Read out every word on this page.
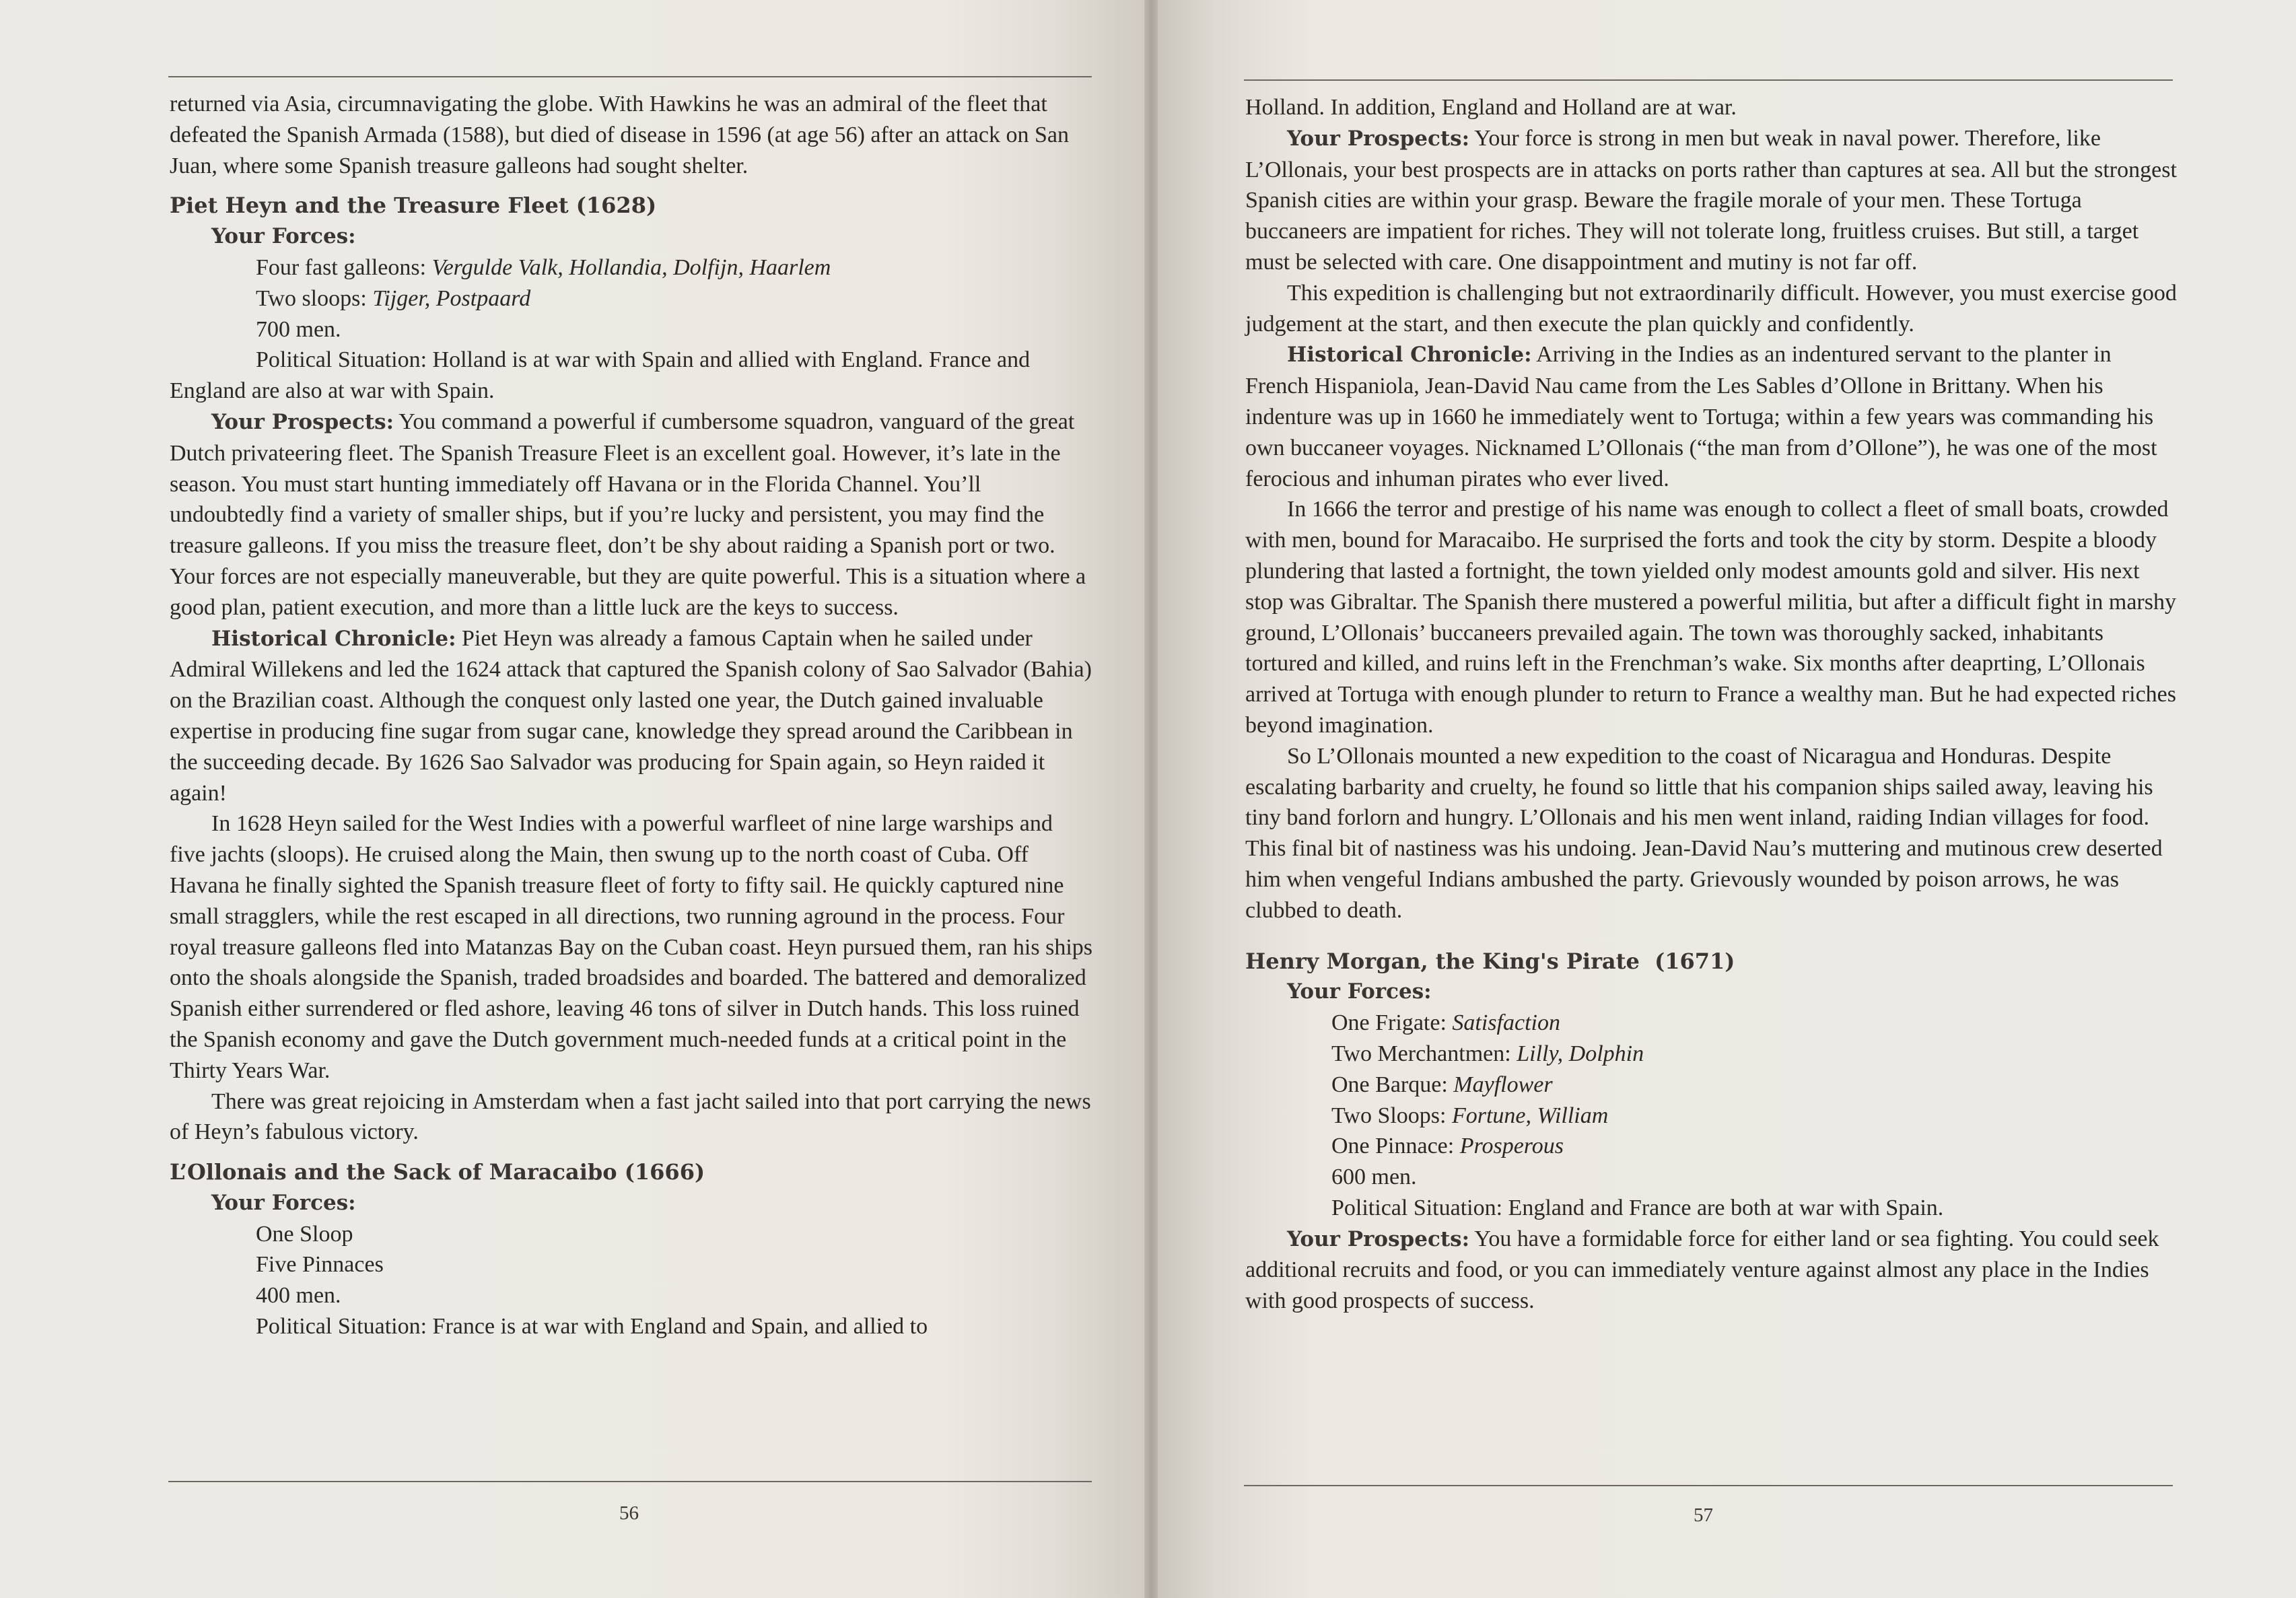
returned via Asia, circumnavigating the globe. With Hawkins he was an admiral of the fleet that defeated the Spanish Armada (1588), but died of disease in 1596 (at age 56) after an attack on San Juan, where some Spanish treasure galleons had sought shelter.

Piet Heyn and the Treasure Fleet (1628)
Your Forces:
Four fast galleons: Vergulde Valk, Hollandia, Dolfijn, Haarlem
Two sloops: Tijger, Postpaard
700 men.

Political Situation: Holland is at war with Spain and allied with England. France and England are also at war with Spain.

Your Prospects: You command a powerful if cumbersome squadron, vanguard of the great Dutch privateering fleet. The Spanish Treasure Fleet is an excellent goal. However, it’s late in the season. You must start hunting immediately off Havana or in the Florida Channel. You’ll undoubtedly find a variety of smaller ships, but if you’re lucky and persistent, you may find the treasure galleons. If you miss the treasure fleet, don’t be shy about raiding a Spanish port or two. Your forces are not especially maneuverable, but they are quite powerful. This is a situation where a good plan, patient execution, and more than a little luck are the keys to success.

Historical Chronicle: Piet Heyn was already a famous Captain when he sailed under Admiral Willekens and led the 1624 attack that captured the Spanish colony of Sao Salvador (Bahia) on the Brazilian coast. Although the conquest only lasted one year, the Dutch gained invaluable expertise in producing fine sugar from sugar cane, knowledge they spread around the Caribbean in the succeeding decade. By 1626 Sao Salvador was producing for Spain again, so Heyn raided it again!

In 1628 Heyn sailed for the West Indies with a powerful warfleet of nine large warships and five jachts (sloops). He cruised along the Main, then swung up to the north coast of Cuba. Off Havana he finally sighted the Spanish treasure fleet of forty to fifty sail. He quickly captured nine small stragglers, while the rest escaped in all directions, two running aground in the process. Four royal treasure galleons fled into Matanzas Bay on the Cuban coast. Heyn pursued them, ran his ships onto the shoals alongside the Spanish, traded broadsides and boarded. The battered and demoralized Spanish either surrendered or fled ashore, leaving 46 tons of silver in Dutch hands. This loss ruined the Spanish economy and gave the Dutch government much-needed funds at a critical point in the Thirty Years War.

There was great rejoicing in Amsterdam when a fast jacht sailed into that port carrying the news of Heyn’s fabulous victory.

L’Ollonais and the Sack of Maracaibo (1666)
Your Forces:
One Sloop
Five Pinnaces
400 men.
Political Situation: France is at war with England and Spain, and allied to
56

Holland. In addition, England and Holland are at war.

Your Prospects: Your force is strong in men but weak in naval power. Therefore, like L’Ollonais, your best prospects are in attacks on ports rather than captures at sea. All but the strongest Spanish cities are within your grasp. Beware the fragile morale of your men. These Tortuga buccaneers are impatient for riches. They will not tolerate long, fruitless cruises. But still, a target must be selected with care. One disappointment and mutiny is not far off.

This expedition is challenging but not extraordinarily difficult. However, you must exercise good judgement at the start, and then execute the plan quickly and confidently.

Historical Chronicle: Arriving in the Indies as an indentured servant to the planter in French Hispaniola, Jean-David Nau came from the Les Sables d’Ollone in Brittany. When his indenture was up in 1660 he immediately went to Tortuga; within a few years was commanding his own buccaneer voyages. Nicknamed L’Ollonais (“the man from d’Ollone”), he was one of the most ferocious and inhuman pirates who ever lived.

In 1666 the terror and prestige of his name was enough to collect a fleet of small boats, crowded with men, bound for Maracaibo. He surprised the forts and took the city by storm. Despite a bloody plundering that lasted a fortnight, the town yielded only modest amounts gold and silver. His next stop was Gibraltar. The Spanish there mustered a powerful militia, but after a difficult fight in marshy ground, L’Ollonais’ buccaneers prevailed again. The town was thoroughly sacked, inhabitants tortured and killed, and ruins left in the Frenchman’s wake. Six months after deaprting, L’Ollonais arrived at Tortuga with enough plunder to return to France a wealthy man. But he had expected riches beyond imagination.

So L’Ollonais mounted a new expedition to the coast of Nicaragua and Honduras. Despite escalating barbarity and cruelty, he found so little that his companion ships sailed away, leaving his tiny band forlorn and hungry. L’Ollonais and his men went inland, raiding Indian villages for food. This final bit of nastiness was his undoing. Jean-David Nau’s muttering and mutinous crew deserted him when vengeful Indians ambushed the party. Grievously wounded by poison arrows, he was clubbed to death.

Henry Morgan, the King's Pirate  (1671)
Your Forces:
One Frigate: Satisfaction
Two Merchantmen: Lilly, Dolphin
One Barque: Mayflower
Two Sloops: Fortune, William
One Pinnace: Prosperous
600 men.
Political Situation: England and France are both at war with Spain.

Your Prospects: You have a formidable force for either land or sea fighting. You could seek additional recruits and food, or you can immediately venture against almost any place in the Indies with good prospects of success.

57
